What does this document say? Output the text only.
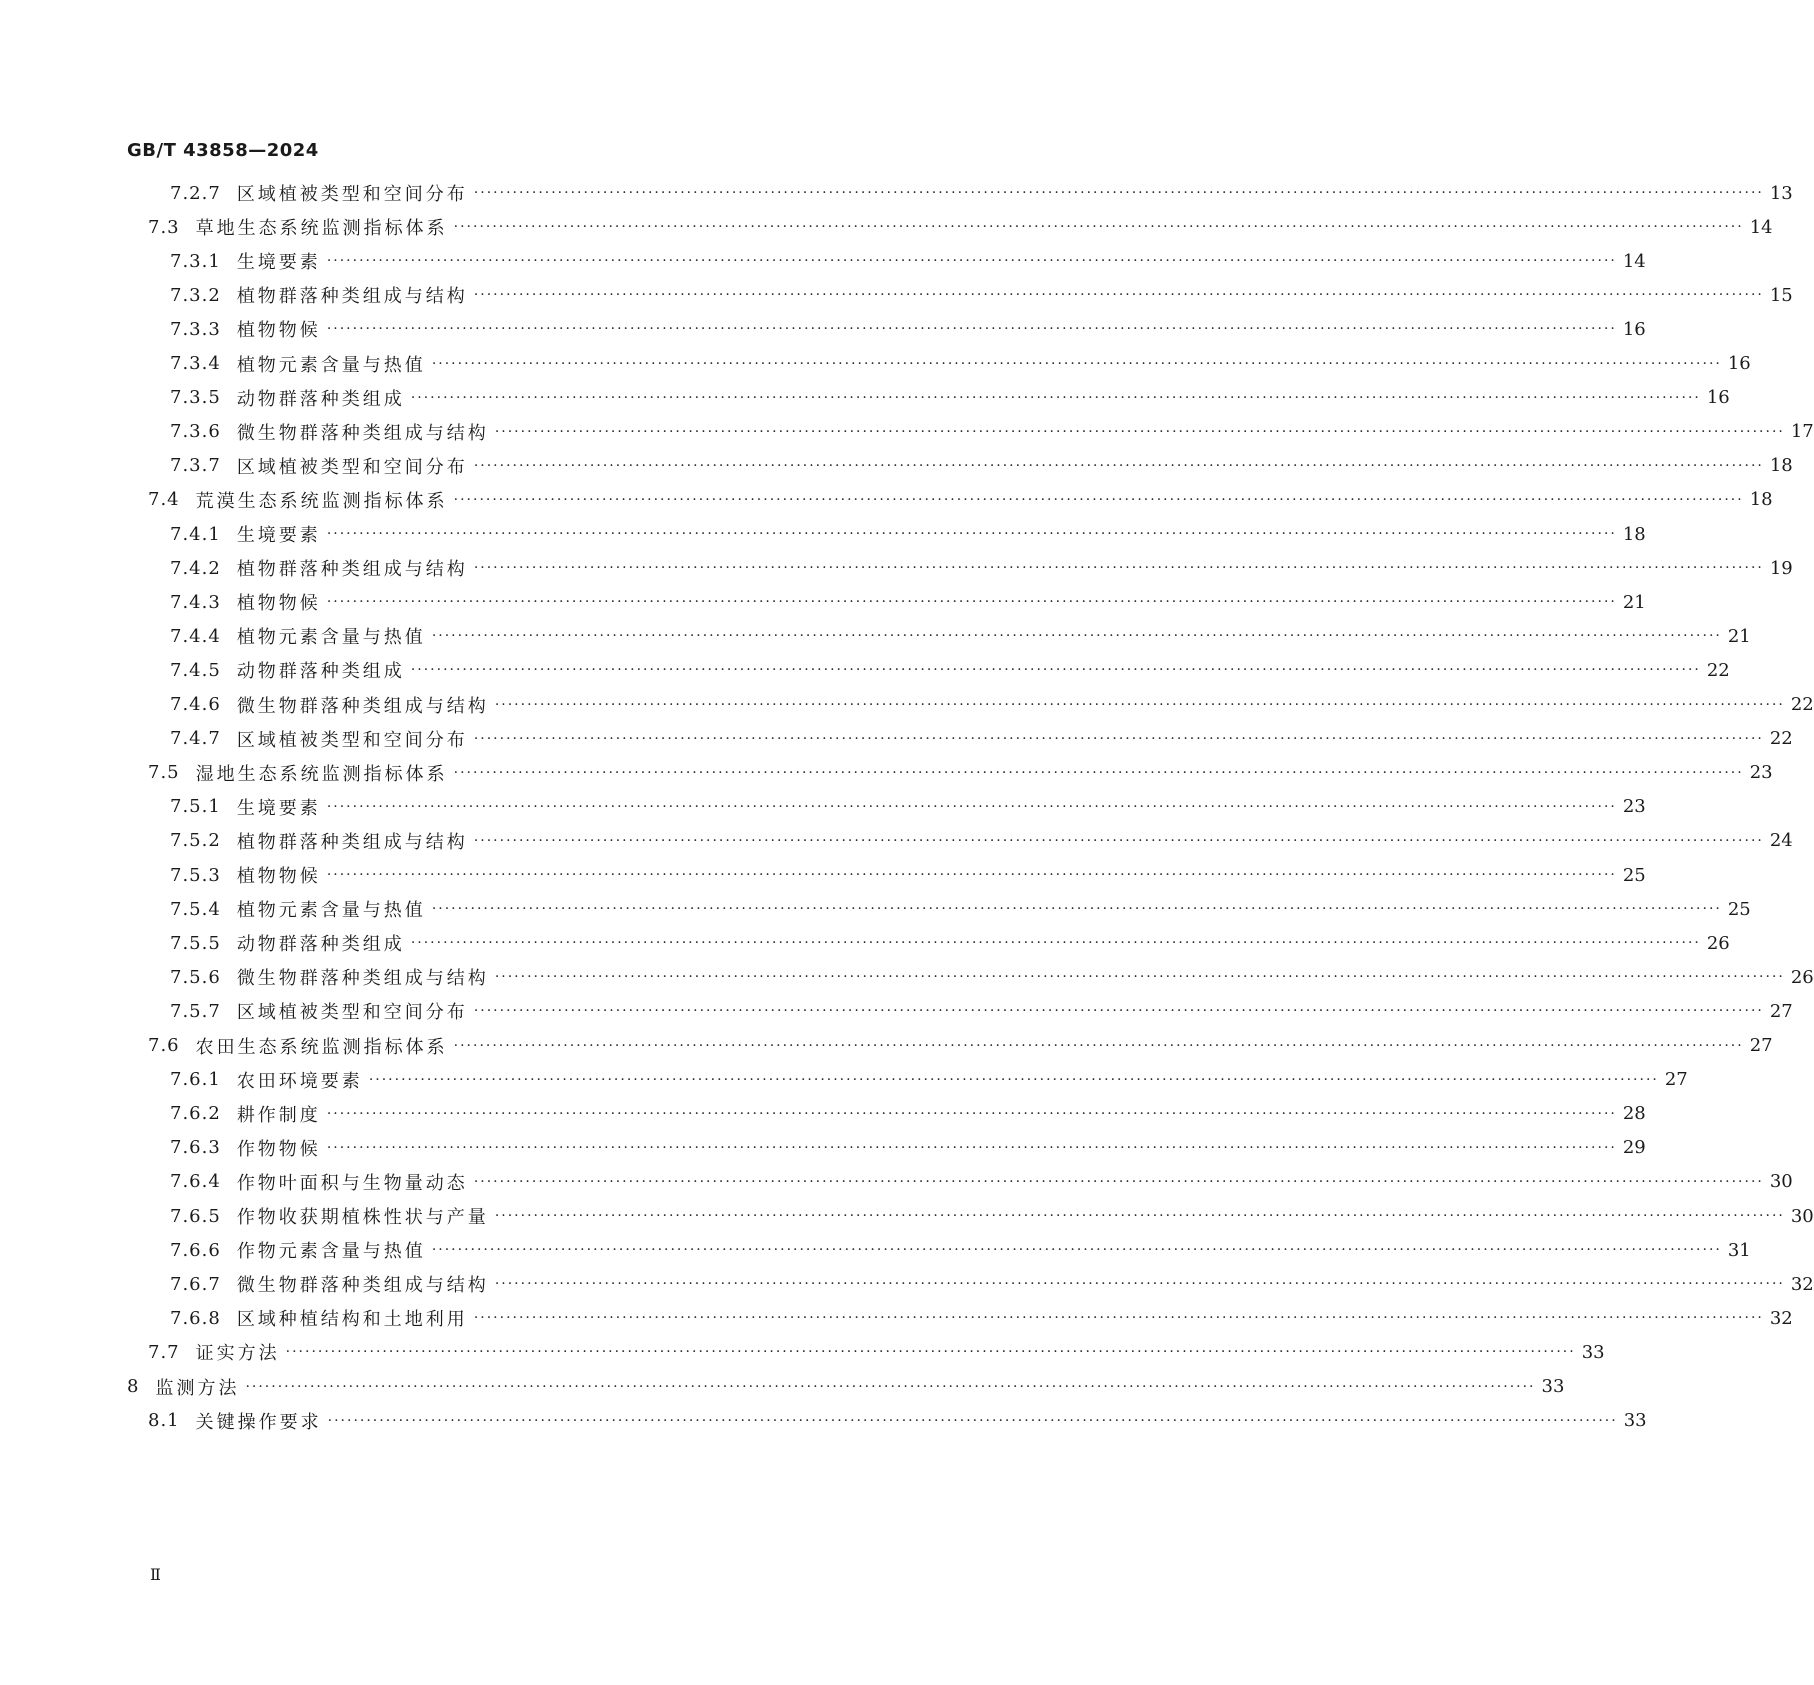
GB/T 43858—2024
7.2.7 区域植被类型和空间分布 ········································································································································································································ 13
7.3 草地生态系统监测指标体系 ········································································································································································································ 14
7.3.1 生境要素 ········································································································································································································ 14
7.3.2 植物群落种类组成与结构 ········································································································································································································ 15
7.3.3 植物物候 ········································································································································································································ 16
7.3.4 植物元素含量与热值 ········································································································································································································ 16
7.3.5 动物群落种类组成 ········································································································································································································ 16
7.3.6 微生物群落种类组成与结构 ········································································································································································································ 17
7.3.7 区域植被类型和空间分布 ········································································································································································································ 18
7.4 荒漠生态系统监测指标体系 ········································································································································································································ 18
7.4.1 生境要素 ········································································································································································································ 18
7.4.2 植物群落种类组成与结构 ········································································································································································································ 19
7.4.3 植物物候 ········································································································································································································ 21
7.4.4 植物元素含量与热值 ········································································································································································································ 21
7.4.5 动物群落种类组成 ········································································································································································································ 22
7.4.6 微生物群落种类组成与结构 ········································································································································································································ 22
7.4.7 区域植被类型和空间分布 ········································································································································································································ 22
7.5 湿地生态系统监测指标体系 ········································································································································································································ 23
7.5.1 生境要素 ········································································································································································································ 23
7.5.2 植物群落种类组成与结构 ········································································································································································································ 24
7.5.3 植物物候 ········································································································································································································ 25
7.5.4 植物元素含量与热值 ········································································································································································································ 25
7.5.5 动物群落种类组成 ········································································································································································································ 26
7.5.6 微生物群落种类组成与结构 ········································································································································································································ 26
7.5.7 区域植被类型和空间分布 ········································································································································································································ 27
7.6 农田生态系统监测指标体系 ········································································································································································································ 27
7.6.1 农田环境要素 ········································································································································································································ 27
7.6.2 耕作制度 ········································································································································································································ 28
7.6.3 作物物候 ········································································································································································································ 29
7.6.4 作物叶面积与生物量动态 ········································································································································································································ 30
7.6.5 作物收获期植株性状与产量 ········································································································································································································ 30
7.6.6 作物元素含量与热值 ········································································································································································································ 31
7.6.7 微生物群落种类组成与结构 ········································································································································································································ 32
7.6.8 区域种植结构和土地利用 ········································································································································································································ 32
7.7 证实方法 ········································································································································································································ 33
8 监测方法 ········································································································································································································ 33
8.1 关键操作要求 ········································································································································································································ 33
Ⅱ
